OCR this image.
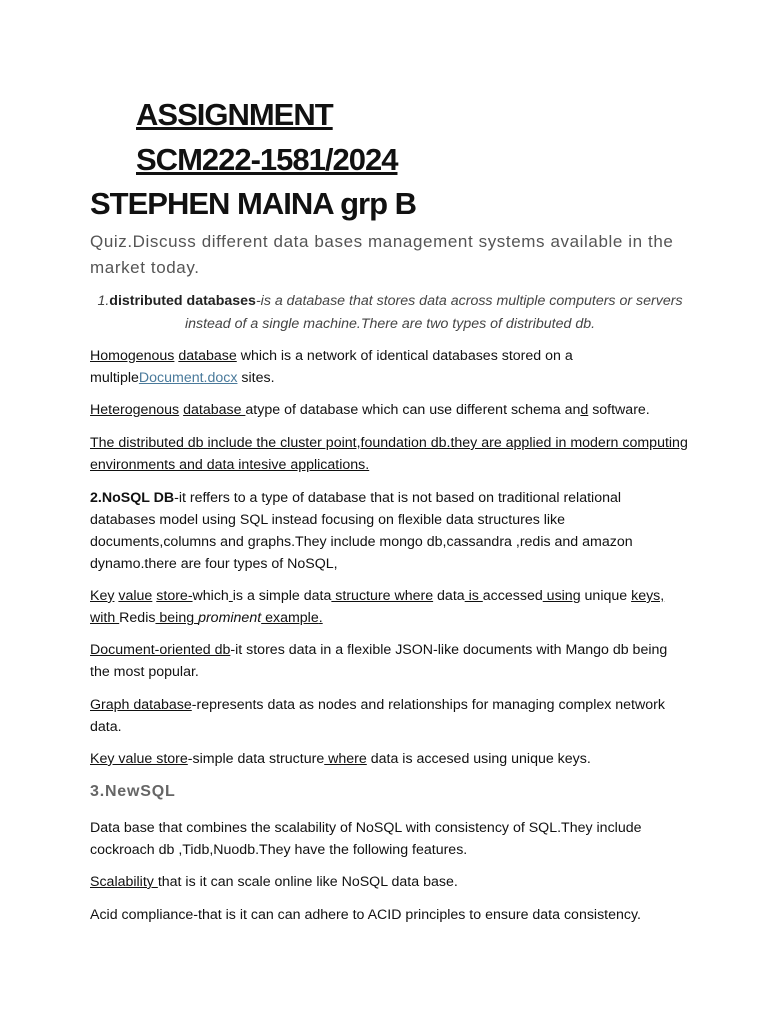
ASSIGNMENT
SCM222-1581/2024
STEPHEN MAINA grp B
Quiz.Discuss different data bases management systems available in the market today.
1.distributed databases-is a database that stores data across multiple computers or servers instead of a single machine.There are two types of distributed db.
Homogenous database which is a network of identical databases stored on a multipleDocument.docx sites.
Heterogenous database atype of database which can use different schema and software.
The distributed db include the cluster point,foundation db.they are applied in modern computing environments and data intesive applications.
2.NoSQL DB-it reffers to a type of database that is not based on traditional relational databases model using SQL instead focusing on flexible data structures like documents,columns and graphs.They include mongo db,cassandra ,redis and amazon dynamo.there are four types of NoSQL,
Key value store-which is a simple data structure where data is accessed using unique keys, with Redis being prominent example.
Document-oriented db-it stores data in a flexible JSON-like documents with Mango db being the most popular.
Graph database-represents data as nodes and relationships for managing complex network data.
Key value store-simple data structure where data is accesed using unique keys.
3.NewSQL
Data base that combines the scalability of NoSQL with consistency of SQL.They include cockroach db ,Tidb,Nuodb.They have the following features.
Scalability that is it can scale online like NoSQL data base.
Acid compliance-that is it can can adhere to ACID principles to ensure data consistency.
